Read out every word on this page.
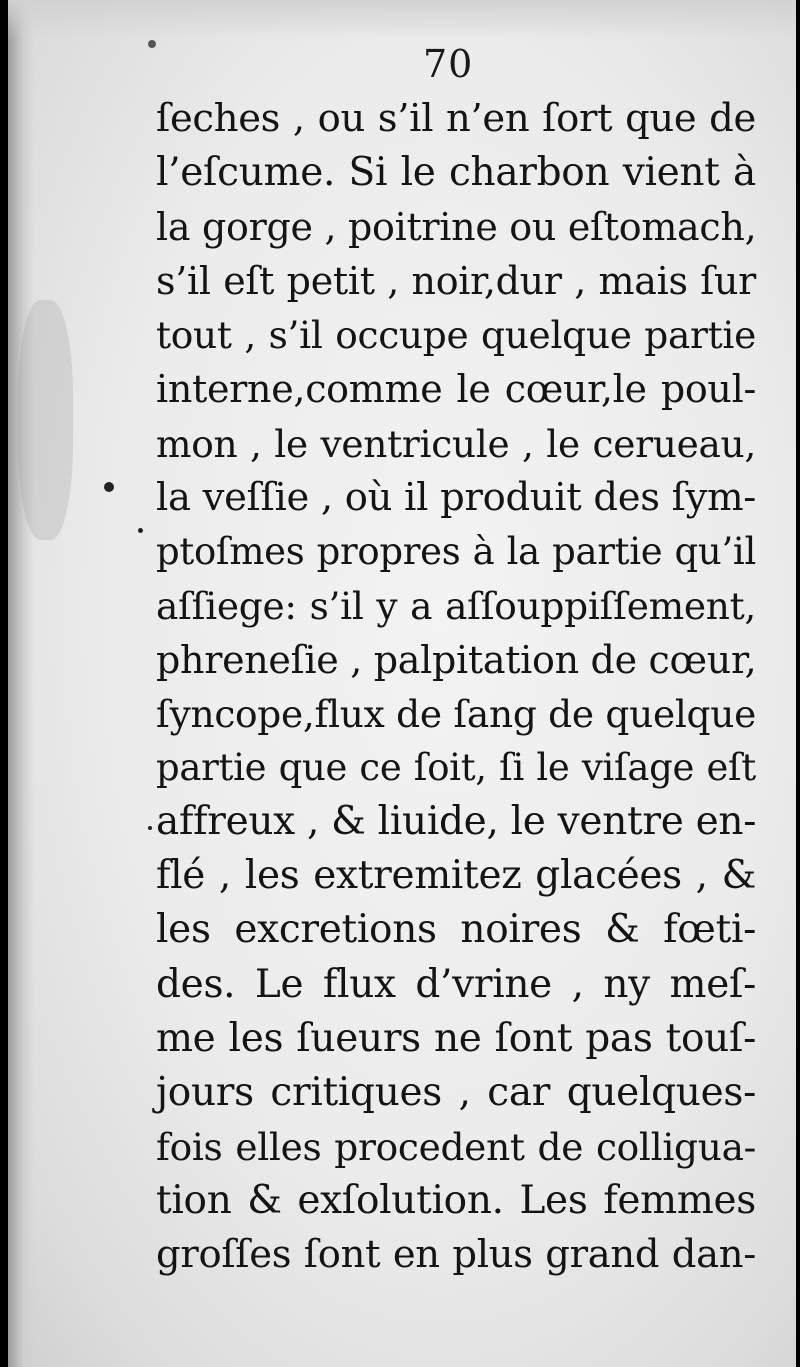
70
ſeches , ou s’il n’en ſort que de
l’eſcume. Si le charbon vient à
la gorge , poitrine ou eſtomach,
s’il eſt petit , noir,dur , mais ſur
tout , s’il occupe quelque partie
interne,comme le cœur,le poul-
mon , le ventricule , le cerueau,
la veſſie , où il produit des ſym-
ptoſmes propres à la partie qu’il
aſſiege: s’il y a aſſouppiſſement,
phreneſie , palpitation de cœur,
ſyncope,flux de ſang de quelque
partie que ce ſoit, ſi le viſage eſt
affreux , & liuide, le ventre en-
flé , les extremitez glacées , &
les excretions noires & fœti-
des. Le flux d’vrine , ny meſ-
me les ſueurs ne ſont pas touſ-
jours critiques , car quelques-
fois elles procedent de colligua-
tion & exſolution. Les femmes
groſſes ſont en plus grand dan-
